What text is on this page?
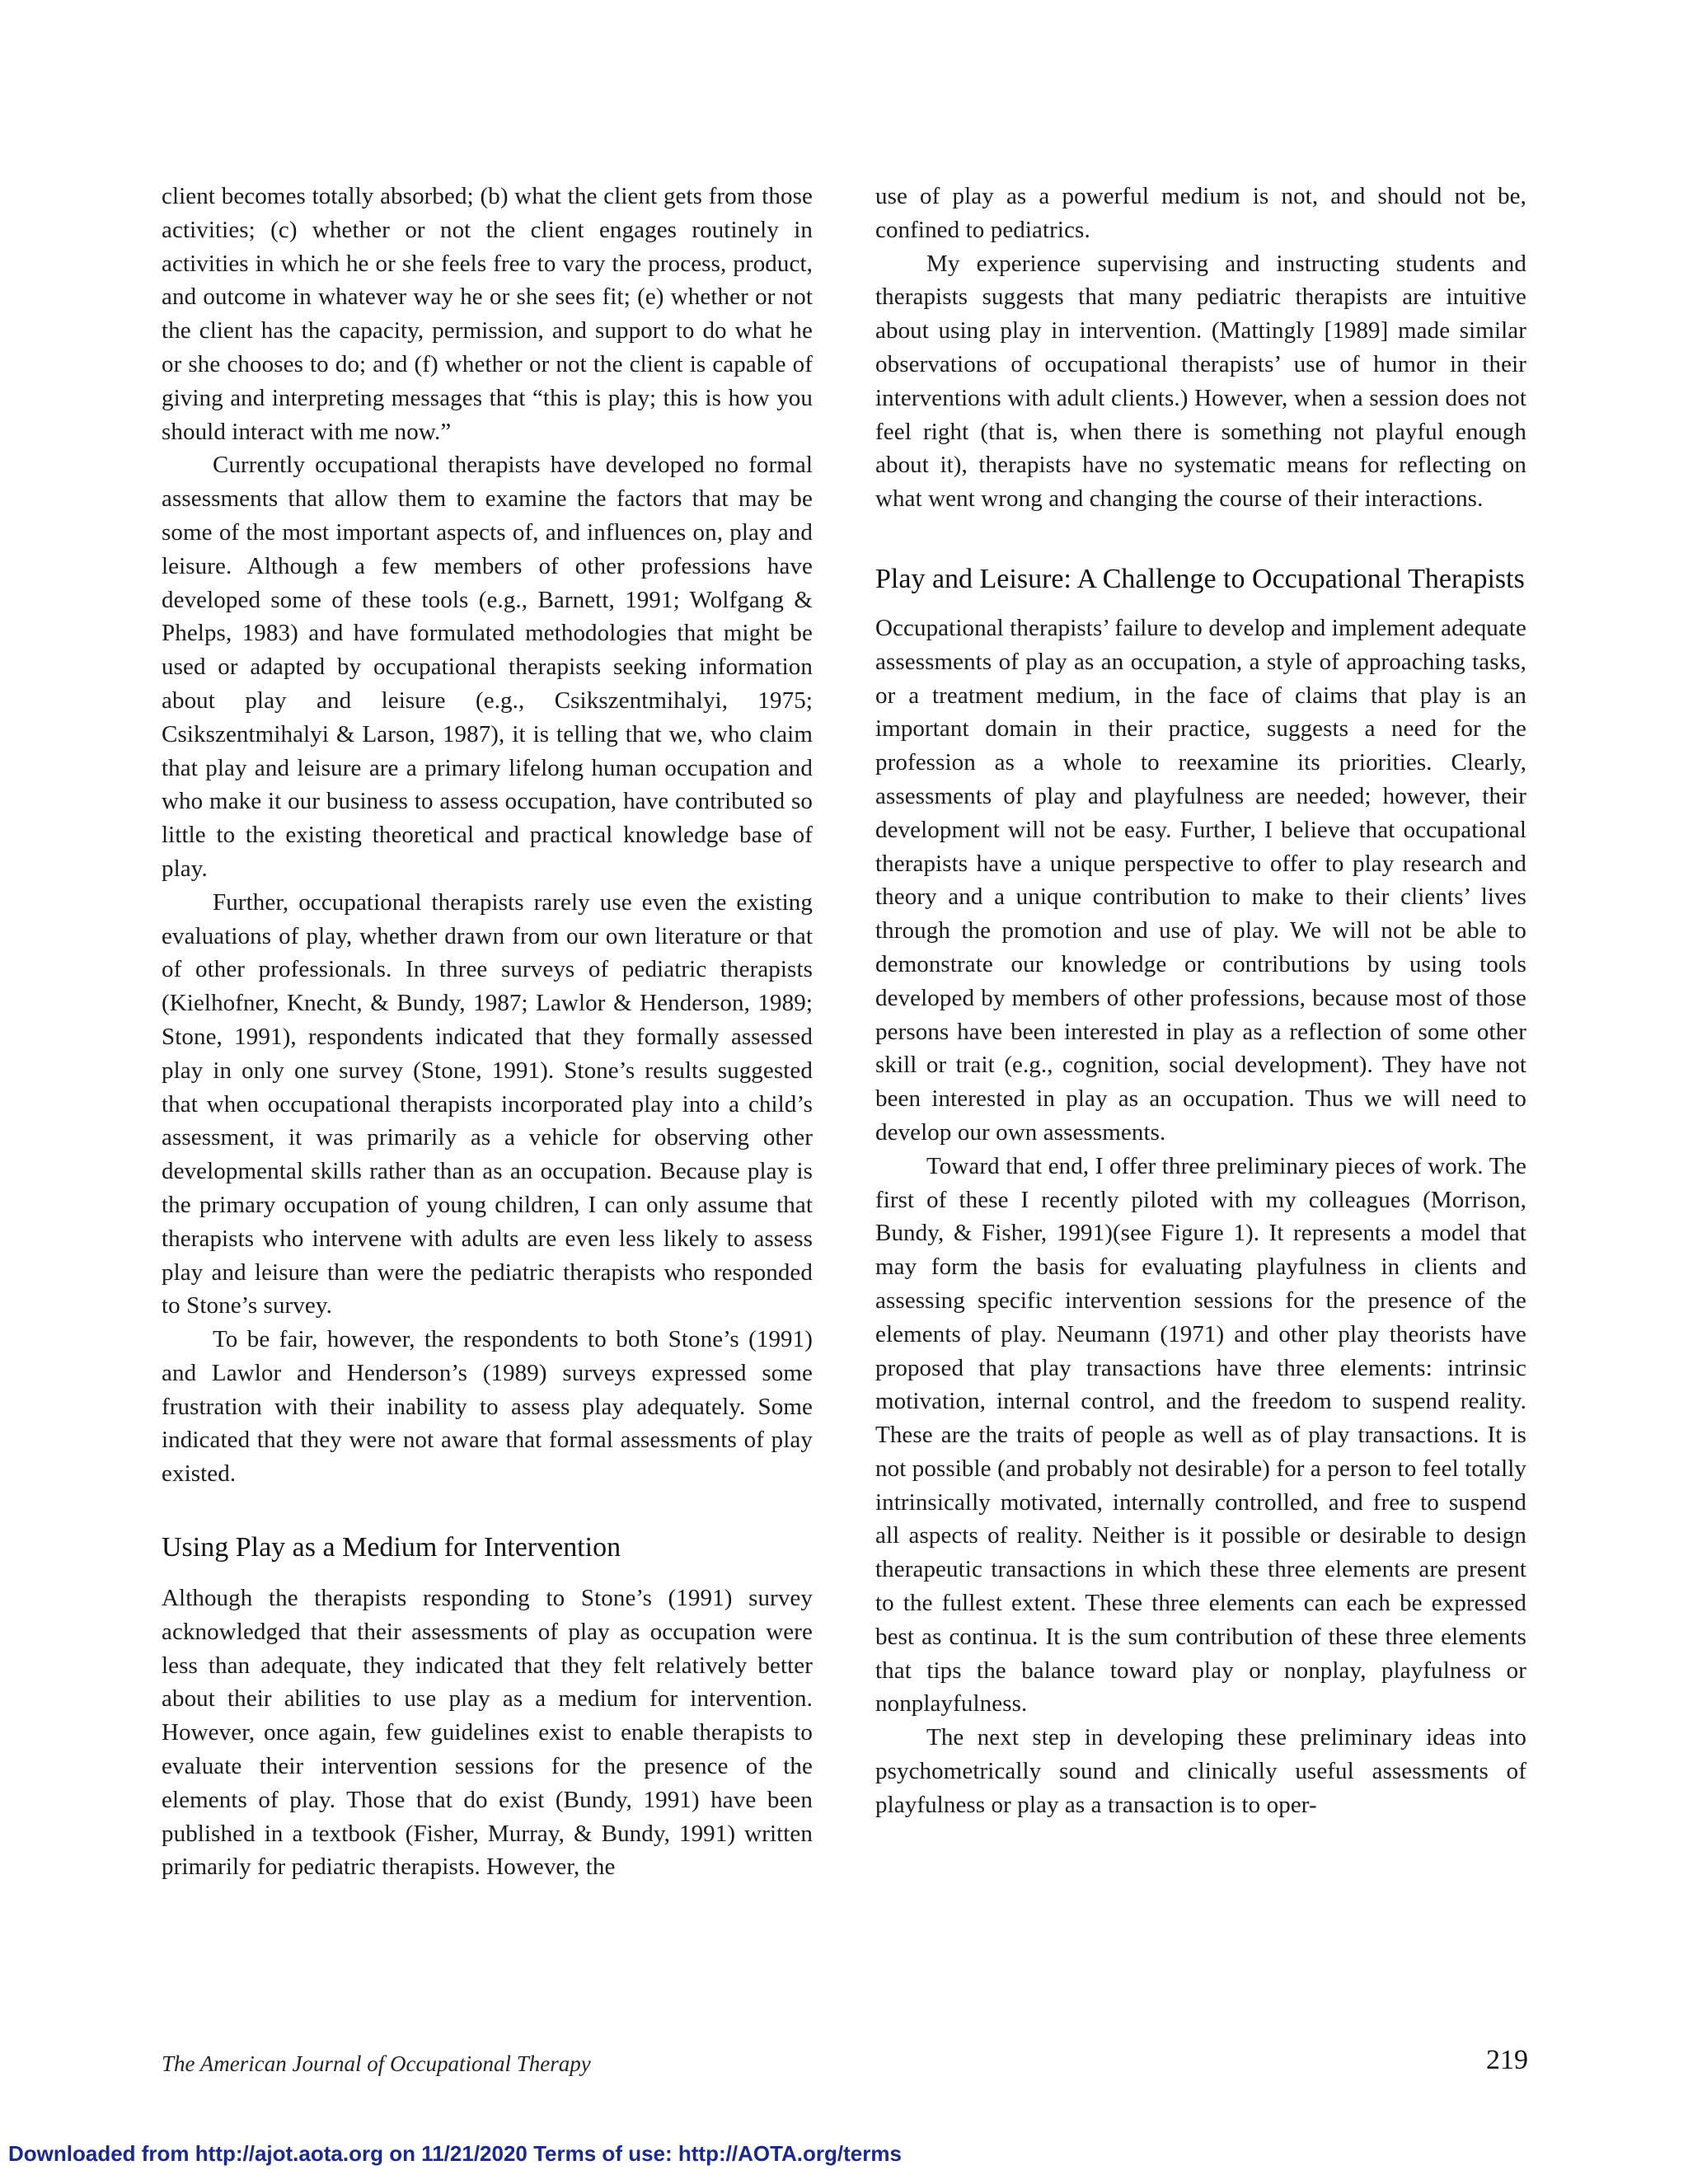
client becomes totally absorbed; (b) what the client gets from those activities; (c) whether or not the client engages routinely in activities in which he or she feels free to vary the process, product, and outcome in whatever way he or she sees fit; (e) whether or not the client has the capacity, permission, and support to do what he or she chooses to do; and (f) whether or not the client is capable of giving and interpreting messages that “this is play; this is how you should interact with me now.”

Currently occupational therapists have developed no formal assessments that allow them to examine the factors that may be some of the most important aspects of, and influences on, play and leisure. Although a few members of other professions have developed some of these tools (e.g., Barnett, 1991; Wolfgang & Phelps, 1983) and have formulated methodologies that might be used or adapted by occupational therapists seeking information about play and leisure (e.g., Csikszentmihalyi, 1975; Csikszentmihalyi & Larson, 1987), it is telling that we, who claim that play and leisure are a primary lifelong human occupation and who make it our business to assess occupation, have contributed so little to the existing theoretical and practical knowledge base of play.

Further, occupational therapists rarely use even the existing evaluations of play, whether drawn from our own literature or that of other professionals. In three surveys of pediatric therapists (Kielhofner, Knecht, & Bundy, 1987; Lawlor & Henderson, 1989; Stone, 1991), respondents indicated that they formally assessed play in only one survey (Stone, 1991). Stone’s results suggested that when occupational therapists incorporated play into a child’s assessment, it was primarily as a vehicle for observing other developmental skills rather than as an occupation. Because play is the primary occupation of young children, I can only assume that therapists who intervene with adults are even less likely to assess play and leisure than were the pediatric therapists who responded to Stone’s survey.

To be fair, however, the respondents to both Stone’s (1991) and Lawlor and Henderson’s (1989) surveys expressed some frustration with their inability to assess play adequately. Some indicated that they were not aware that formal assessments of play existed.

Using Play as a Medium for Intervention

Although the therapists responding to Stone’s (1991) survey acknowledged that their assessments of play as occupation were less than adequate, they indicated that they felt relatively better about their abilities to use play as a medium for intervention. However, once again, few guidelines exist to enable therapists to evaluate their intervention sessions for the presence of the elements of play. Those that do exist (Bundy, 1991) have been published in a textbook (Fisher, Murray, & Bundy, 1991) written primarily for pediatric therapists. However, the

use of play as a powerful medium is not, and should not be, confined to pediatrics.

My experience supervising and instructing students and therapists suggests that many pediatric therapists are intuitive about using play in intervention. (Mattingly [1989] made similar observations of occupational therapists’ use of humor in their interventions with adult clients.) However, when a session does not feel right (that is, when there is something not playful enough about it), therapists have no systematic means for reflecting on what went wrong and changing the course of their interactions.

Play and Leisure: A Challenge to Occupational Therapists

Occupational therapists’ failure to develop and implement adequate assessments of play as an occupation, a style of approaching tasks, or a treatment medium, in the face of claims that play is an important domain in their practice, suggests a need for the profession as a whole to reexamine its priorities. Clearly, assessments of play and playfulness are needed; however, their development will not be easy. Further, I believe that occupational therapists have a unique perspective to offer to play research and theory and a unique contribution to make to their clients’ lives through the promotion and use of play. We will not be able to demonstrate our knowledge or contributions by using tools developed by members of other professions, because most of those persons have been interested in play as a reflection of some other skill or trait (e.g., cognition, social development). They have not been interested in play as an occupation. Thus we will need to develop our own assessments.

Toward that end, I offer three preliminary pieces of work. The first of these I recently piloted with my colleagues (Morrison, Bundy, & Fisher, 1991)(see Figure 1). It represents a model that may form the basis for evaluating playfulness in clients and assessing specific intervention sessions for the presence of the elements of play. Neumann (1971) and other play theorists have proposed that play transactions have three elements: intrinsic motivation, internal control, and the freedom to suspend reality. These are the traits of people as well as of play transactions. It is not possible (and probably not desirable) for a person to feel totally intrinsically motivated, internally controlled, and free to suspend all aspects of reality. Neither is it possible or desirable to design therapeutic transactions in which these three elements are present to the fullest extent. These three elements can each be expressed best as continua. It is the sum contribution of these three elements that tips the balance toward play or nonplay, playfulness or nonplayfulness.

The next step in developing these preliminary ideas into psychometrically sound and clinically useful assessments of playfulness or play as a transaction is to oper-

The American Journal of Occupational Therapy	219
Downloaded from http://ajot.aota.org on 11/21/2020 Terms of use: http://AOTA.org/terms
